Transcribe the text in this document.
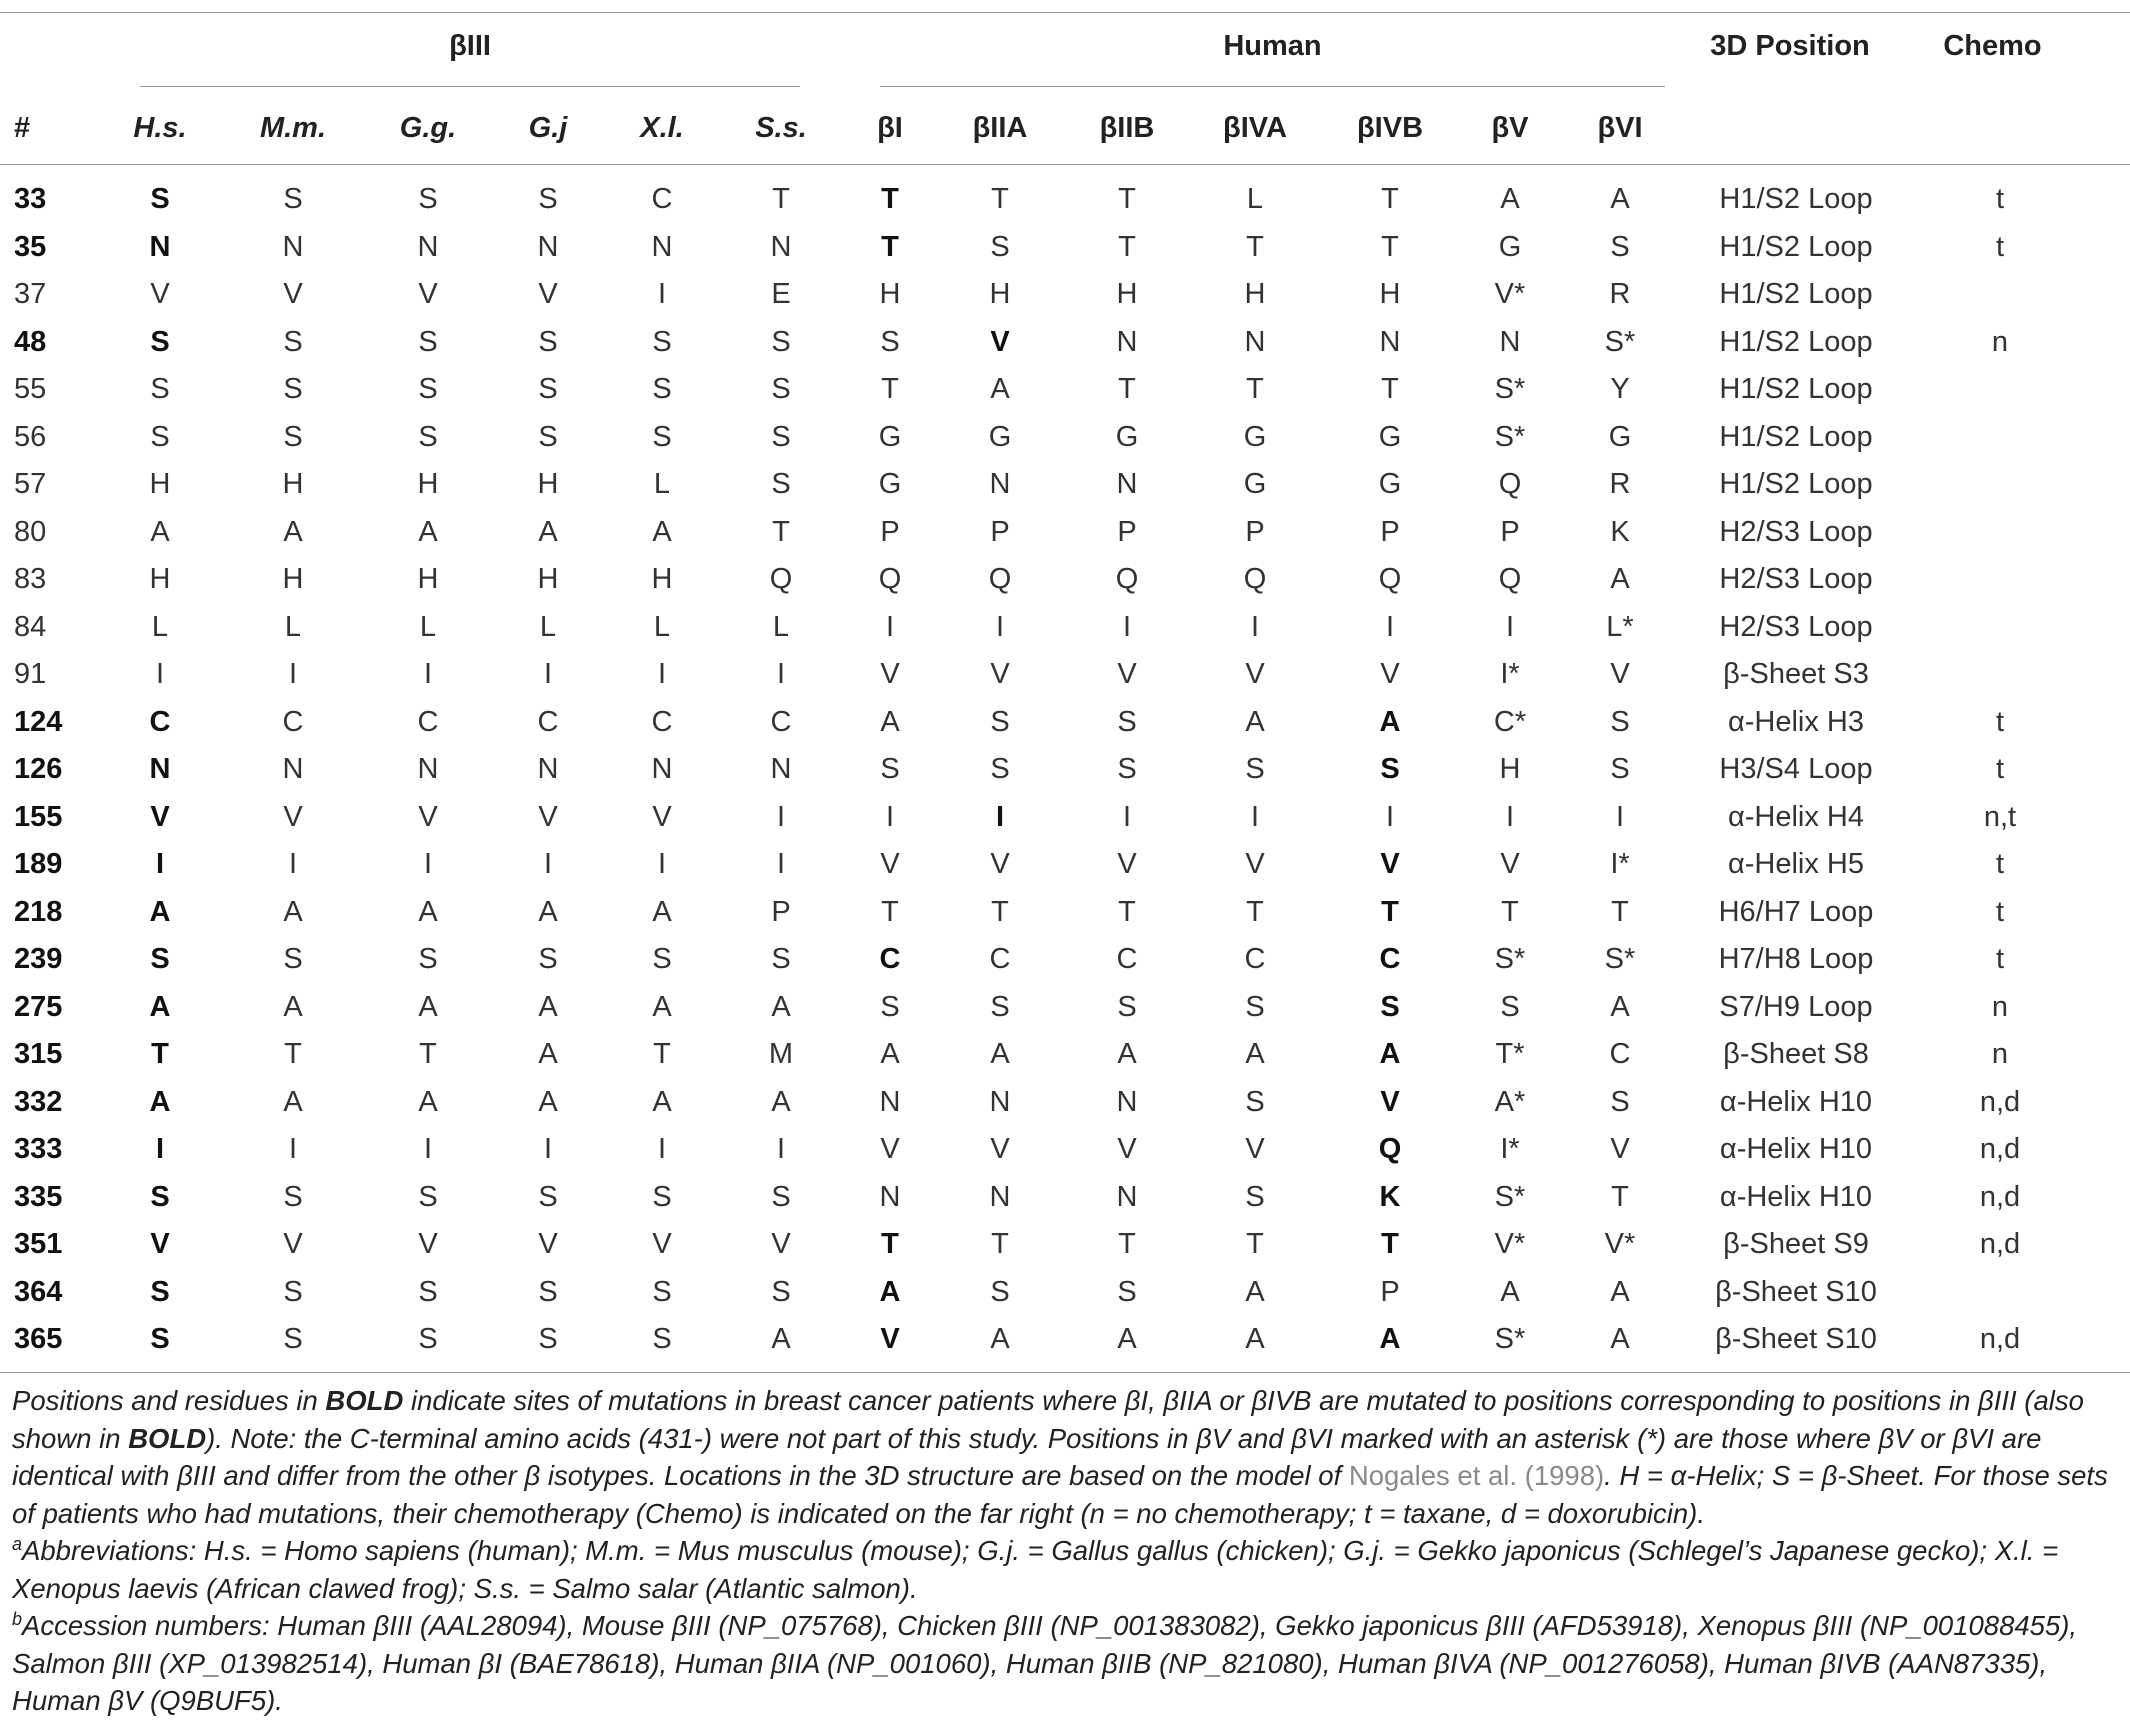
βIII	Human	3D Position	Chemo
#	H.s.	M.m.	G.g.	G.j	X.l.	S.s.	βI	βIIA	βIIB	βIVA	βIVB	βV	βVI
33	S	S	S	S	C	T	T	T	T	L	T	A	A	H1/S2 Loop	t
35	N	N	N	N	N	N	T	S	T	T	T	G	S	H1/S2 Loop	t
37	V	V	V	V	I	E	H	H	H	H	H	V*	R	H1/S2 Loop
48	S	S	S	S	S	S	S	V	N	N	N	N	S*	H1/S2 Loop	n
55	S	S	S	S	S	S	T	A	T	T	T	S*	Y	H1/S2 Loop
56	S	S	S	S	S	S	G	G	G	G	G	S*	G	H1/S2 Loop
57	H	H	H	H	L	S	G	N	N	G	G	Q	R	H1/S2 Loop
80	A	A	A	A	A	T	P	P	P	P	P	P	K	H2/S3 Loop
83	H	H	H	H	H	Q	Q	Q	Q	Q	Q	Q	A	H2/S3 Loop
84	L	L	L	L	L	L	I	I	I	I	I	I	L*	H2/S3 Loop
91	I	I	I	I	I	I	V	V	V	V	V	I*	V	β-Sheet S3
124	C	C	C	C	C	C	A	S	S	A	A	C*	S	α-Helix H3	t
126	N	N	N	N	N	N	S	S	S	S	S	H	S	H3/S4 Loop	t
155	V	V	V	V	V	I	I	I	I	I	I	I	I	α-Helix H4	n,t
189	I	I	I	I	I	I	V	V	V	V	V	V	I*	α-Helix H5	t
218	A	A	A	A	A	P	T	T	T	T	T	T	T	H6/H7 Loop	t
239	S	S	S	S	S	S	C	C	C	C	C	S*	S*	H7/H8 Loop	t
275	A	A	A	A	A	A	S	S	S	S	S	S	A	S7/H9 Loop	n
315	T	T	T	A	T	M	A	A	A	A	A	T*	C	β-Sheet S8	n
332	A	A	A	A	A	A	N	N	N	S	V	A*	S	α-Helix H10	n,d
333	I	I	I	I	I	I	V	V	V	V	Q	I*	V	α-Helix H10	n,d
335	S	S	S	S	S	S	N	N	N	S	K	S*	T	α-Helix H10	n,d
351	V	V	V	V	V	V	T	T	T	T	T	V*	V*	β-Sheet S9	n,d
364	S	S	S	S	S	S	A	S	S	A	P	A	A	β-Sheet S10
365	S	S	S	S	S	A	V	A	A	A	A	S*	A	β-Sheet S10	n,d

Positions and residues in BOLD indicate sites of mutations in breast cancer patients where βI, βIIA or βIVB are mutated to positions corresponding to positions in βIII (also shown in BOLD). Note: the C-terminal amino acids (431-) were not part of this study. Positions in βV and βVI marked with an asterisk (*) are those where βV or βVI are identical with βIII and differ from the other β isotypes. Locations in the 3D structure are based on the model of Nogales et al. (1998). H = α-Helix; S = β-Sheet. For those sets of patients who had mutations, their chemotherapy (Chemo) is indicated on the far right (n = no chemotherapy; t = taxane, d = doxorubicin).

$^a$Abbreviations: H.s. = Homo sapiens (human); M.m. = Mus musculus (mouse); G.j. = Gallus gallus (chicken); G.j. = Gekko japonicus (Schlegel’s Japanese gecko); X.l. = Xenopus laevis (African clawed frog); S.s. = Salmo salar (Atlantic salmon).

$^b$Accession numbers: Human βIII (AAL28094), Mouse βIII (NP_075768), Chicken βIII (NP_001383082), Gekko japonicus βIII (AFD53918), Xenopus βIII (NP_001088455), Salmon βIII (XP_013982514), Human βI (BAE78618), Human βIIA (NP_001060), Human βIIB (NP_821080), Human βIVA (NP_001276058), Human βIVB (AAN87335), Human βV (Q9BUF5).
